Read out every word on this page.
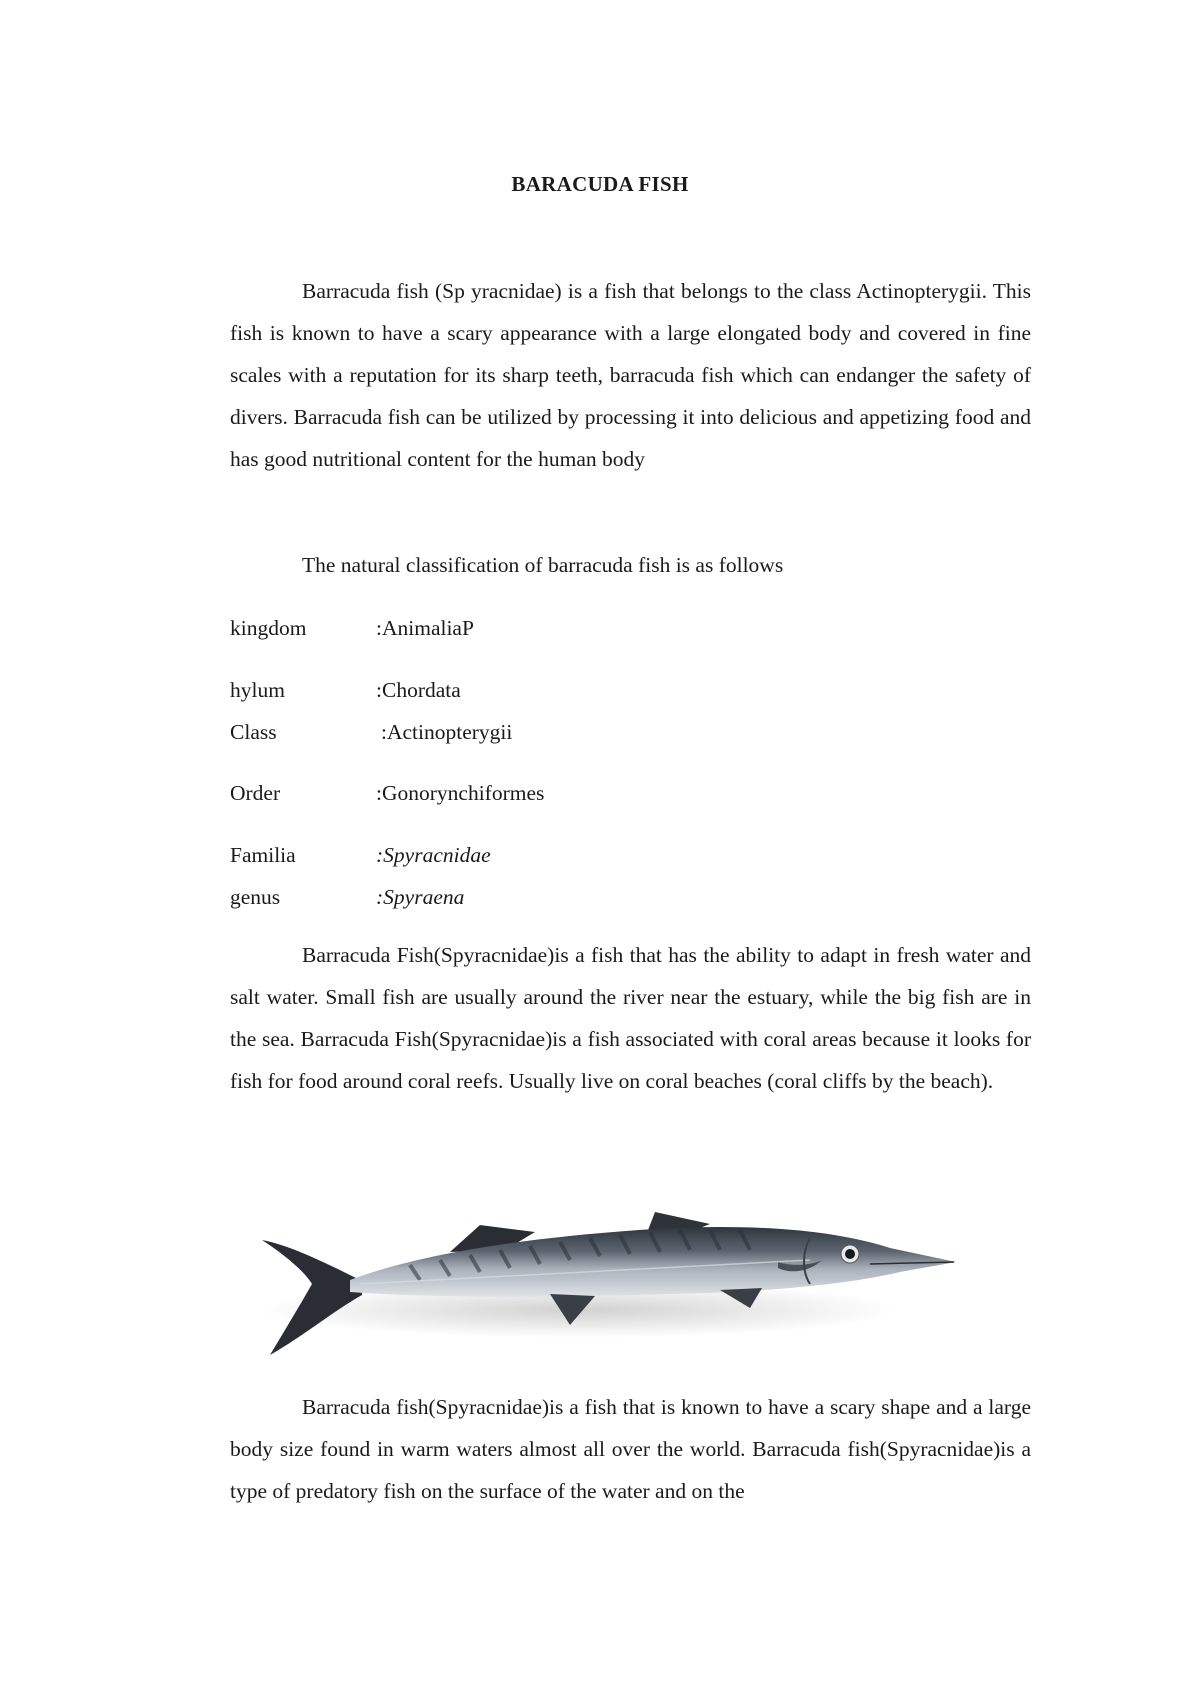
BARACUDA FISH

Barracuda fish (Sp yracnidae) is a fish that belongs to the class Actinopterygii. This fish is known to have a scary appearance with a large elongated body and covered in fine scales with a reputation for its sharp teeth, barracuda fish which can endanger the safety of divers. Barracuda fish can be utilized by processing it into delicious and appetizing food and has good nutritional content for the human body

The natural classification of barracuda fish is as follows
kingdom	:AnimaliaP
hylum	:Chordata
Class	:Actinopterygii
Order	:Gonorynchiformes
Familia	:Spyracnidae
genus	:Spyraena

Barracuda Fish(Spyracnidae)is a fish that has the ability to adapt in fresh water and salt water. Small fish are usually around the river near the estuary, while the big fish are in the sea. Barracuda Fish(Spyracnidae)is a fish associated with coral areas because it looks for fish for food around coral reefs. Usually live on coral beaches (coral cliffs by the beach).

Barracuda fish(Spyracnidae)is a fish that is known to have a scary shape and a large body size found in warm waters almost all over the world. Barracuda fish(Spyracnidae)is a type of predatory fish on the surface of the water and on the
